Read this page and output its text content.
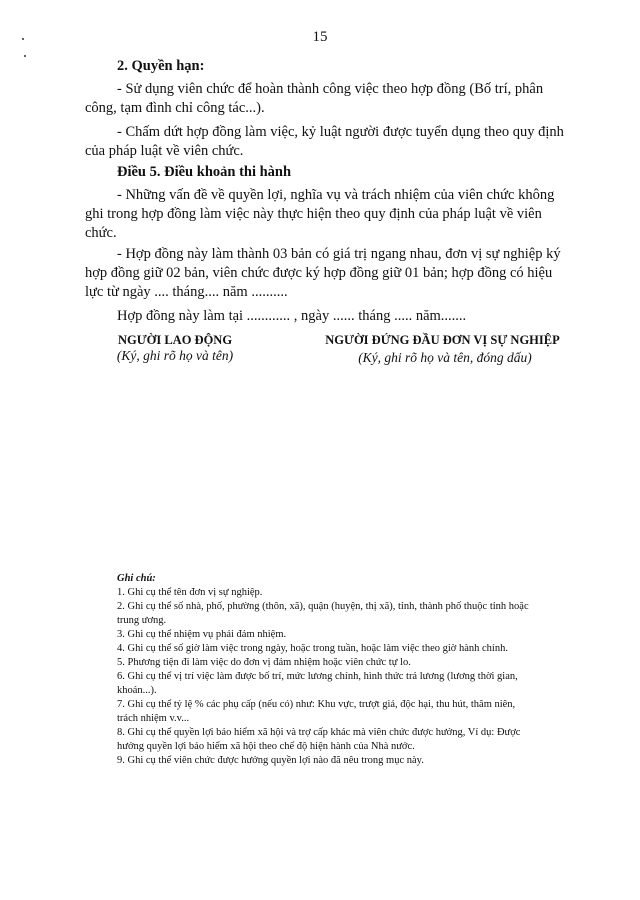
15
2. Quyền hạn:
- Sử dụng viên chức để hoàn thành công việc theo hợp đồng (Bố trí, phân
công, tạm đình chỉ công tác...).
- Chấm dứt hợp đồng làm việc, kỷ luật người được tuyển dụng theo quy định
của pháp luật về viên chức.
Điều 5. Điều khoản thi hành
- Những vấn đề về quyền lợi, nghĩa vụ và trách nhiệm của viên chức không
ghi trong hợp đồng làm việc này thực hiện theo quy định của pháp luật về viên
chức.
- Hợp đồng này làm thành 03 bản có giá trị ngang nhau, đơn vị sự nghiệp ký
hợp đồng giữ 02 bản, viên chức được ký hợp đồng giữ 01 bản; hợp đồng có hiệu
lực từ ngày .... tháng.... năm ..........
Hợp đồng này làm tại ............ , ngày ...... tháng ..... năm.......
NGƯỜI LAO ĐỘNG
(Ký, ghi rõ họ và tên)
NGƯỜI ĐỨNG ĐẦU ĐƠN VỊ SỰ NGHIỆP
(Ký, ghi rõ họ và tên, đóng dấu)
Ghi chú:
1. Ghi cụ thể tên đơn vị sự nghiệp.
2. Ghi cụ thể số nhà, phố, phường (thôn, xã), quận (huyện, thị xã), tỉnh, thành phố thuộc tỉnh hoặc
trung ương.
3. Ghi cụ thể nhiệm vụ phải đảm nhiệm.
4. Ghi cụ thể số giờ làm việc trong ngày, hoặc trong tuần, hoặc làm việc theo giờ hành chính.
5. Phương tiện đi làm việc do đơn vị đảm nhiệm hoặc viên chức tự lo.
6. Ghi cụ thể vị trí việc làm được bố trí, mức lương chính, hình thức trả lương (lương thời gian,
khoán...).
7. Ghi cụ thể tỷ lệ % các phụ cấp (nếu có) như: Khu vực, trượt giá, độc hại, thu hút, thâm niên,
trách nhiệm v.v...
8. Ghi cụ thể quyền lợi bảo hiểm xã hội và trợ cấp khác mà viên chức được hưởng, Ví dụ: Được
hưởng quyền lợi bảo hiểm xã hội theo chế độ hiện hành của Nhà nước.
9. Ghi cụ thể viên chức được hưởng quyền lợi nào đã nêu trong mục này.
